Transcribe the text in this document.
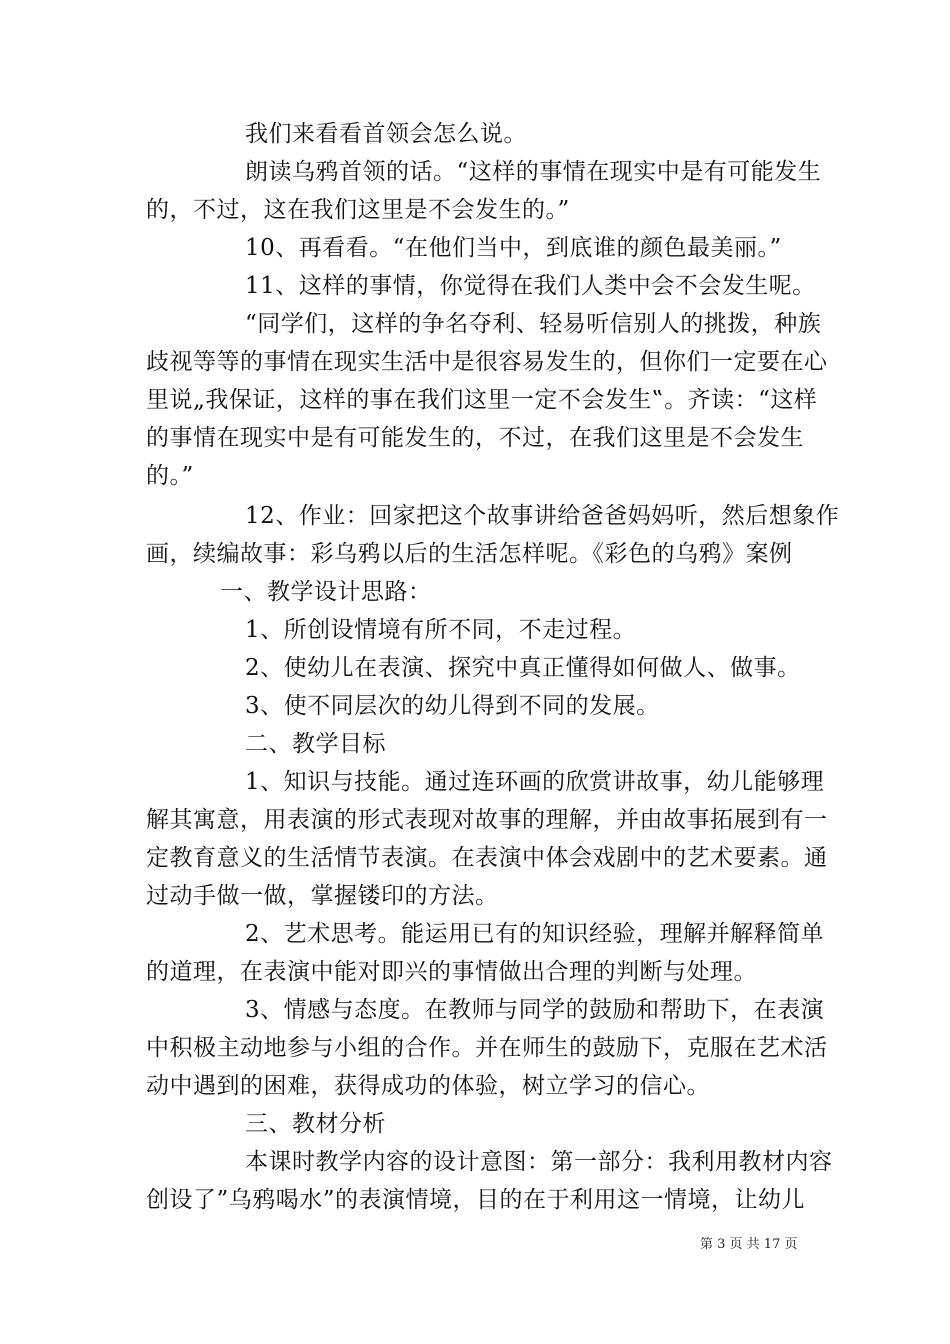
我们来看看首领会怎么说。
朗读乌鸦首领的话。“这样的事情在现实中是有可能发生
的，不过，这在我们这里是不会发生的。”
10、再看看。“在他们当中，到底谁的颜色最美丽。”
11、这样的事情，你觉得在我们人类中会不会发生呢。
“同学们，这样的争名夺利、轻易听信别人的挑拨，种族
歧视等等的事情在现实生活中是很容易发生的，但你们一定要在心
里说„我保证，这样的事在我们这里一定不会发生‟。齐读：“这样
的事情在现实中是有可能发生的，不过，在我们这里是不会发生
的。”
12、作业：回家把这个故事讲给爸爸妈妈听，然后想象作
画，续编故事：彩乌鸦以后的生活怎样呢。《彩色的乌鸦》案例
一、教学设计思路：
1、所创设情境有所不同，不走过程。
2、使幼儿在表演、探究中真正懂得如何做人、做事。
3、使不同层次的幼儿得到不同的发展。
二、教学目标
1、知识与技能。通过连环画的欣赏讲故事，幼儿能够理
解其寓意，用表演的形式表现对故事的理解，并由故事拓展到有一
定教育意义的生活情节表演。在表演中体会戏剧中的艺术要素。通
过动手做一做，掌握镂印的方法。
2、艺术思考。能运用已有的知识经验，理解并解释简单
的道理，在表演中能对即兴的事情做出合理的判断与处理。
3、情感与态度。在教师与同学的鼓励和帮助下，在表演
中积极主动地参与小组的合作。并在师生的鼓励下，克服在艺术活
动中遇到的困难，获得成功的体验，树立学习的信心。
三、教材分析
本课时教学内容的设计意图：第一部分：我利用教材内容
创设了”乌鸦喝水”的表演情境，目的在于利用这一情境，让幼儿
第 3 页 共 17 页
